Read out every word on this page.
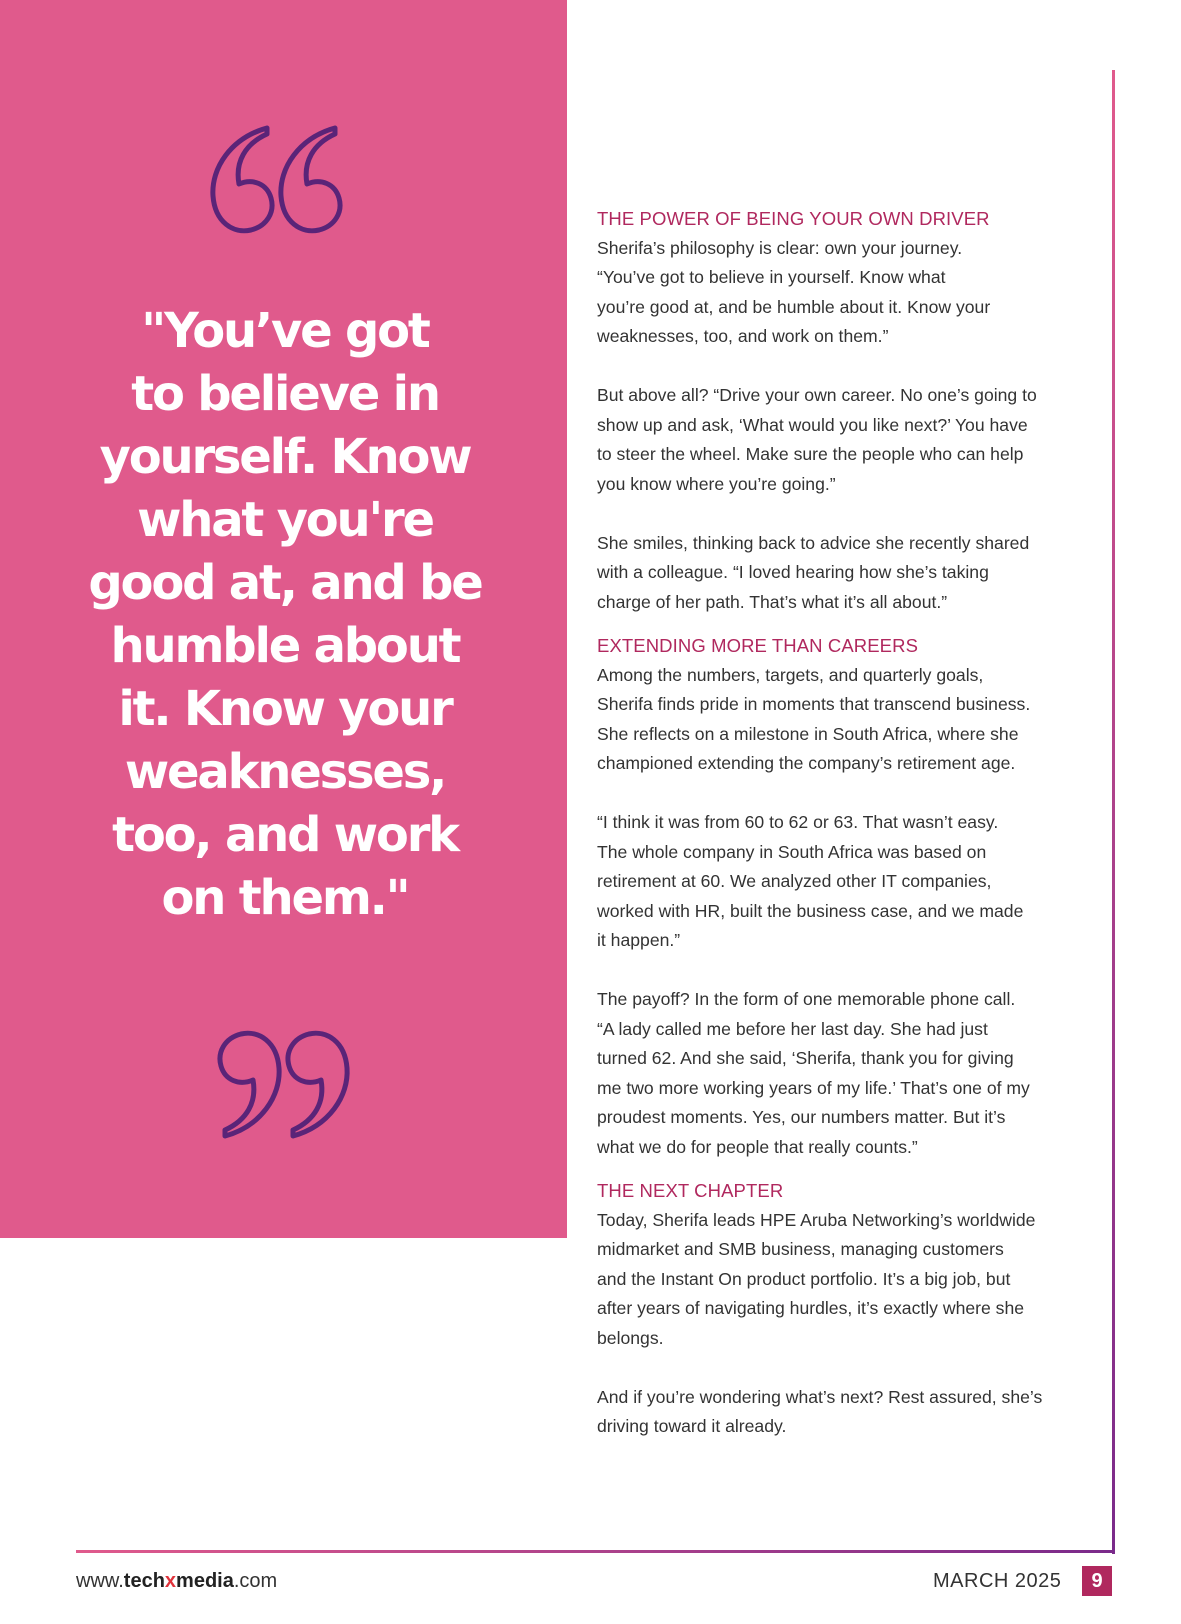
"You’ve got
to believe in
yourself. Know
what you're
good at, and be
humble about
it. Know your
weaknesses,
too, and work
on them."

THE POWER OF BEING YOUR OWN DRIVER

Sherifa’s philosophy is clear: own your journey.
“You’ve got to believe in yourself. Know what
you’re good at, and be humble about it. Know your
weaknesses, too, and work on them.”

But above all? “Drive your own career. No one’s going to
show up and ask, ‘What would you like next?’ You have
to steer the wheel. Make sure the people who can help
you know where you’re going.”

She smiles, thinking back to advice she recently shared
with a colleague. “I loved hearing how she’s taking
charge of her path. That’s what it’s all about.”

EXTENDING MORE THAN CAREERS

Among the numbers, targets, and quarterly goals,
Sherifa finds pride in moments that transcend business.
She reflects on a milestone in South Africa, where she
championed extending the company’s retirement age.

“I think it was from 60 to 62 or 63. That wasn’t easy.
The whole company in South Africa was based on
retirement at 60. We analyzed other IT companies,
worked with HR, built the business case, and we made
it happen.”

The payoff? In the form of one memorable phone call.
“A lady called me before her last day. She had just
turned 62. And she said, ‘Sherifa, thank you for giving
me two more working years of my life.’ That’s one of my
proudest moments. Yes, our numbers matter. But it’s
what we do for people that really counts.”

THE NEXT CHAPTER

Today, Sherifa leads HPE Aruba Networking’s worldwide
midmarket and SMB business, managing customers
and the Instant On product portfolio. It’s a big job, but
after years of navigating hurdles, it’s exactly where she
belongs.

And if you’re wondering what’s next? Rest assured, she’s
driving toward it already.

www.techxmedia.com	MARCH 2025	9
